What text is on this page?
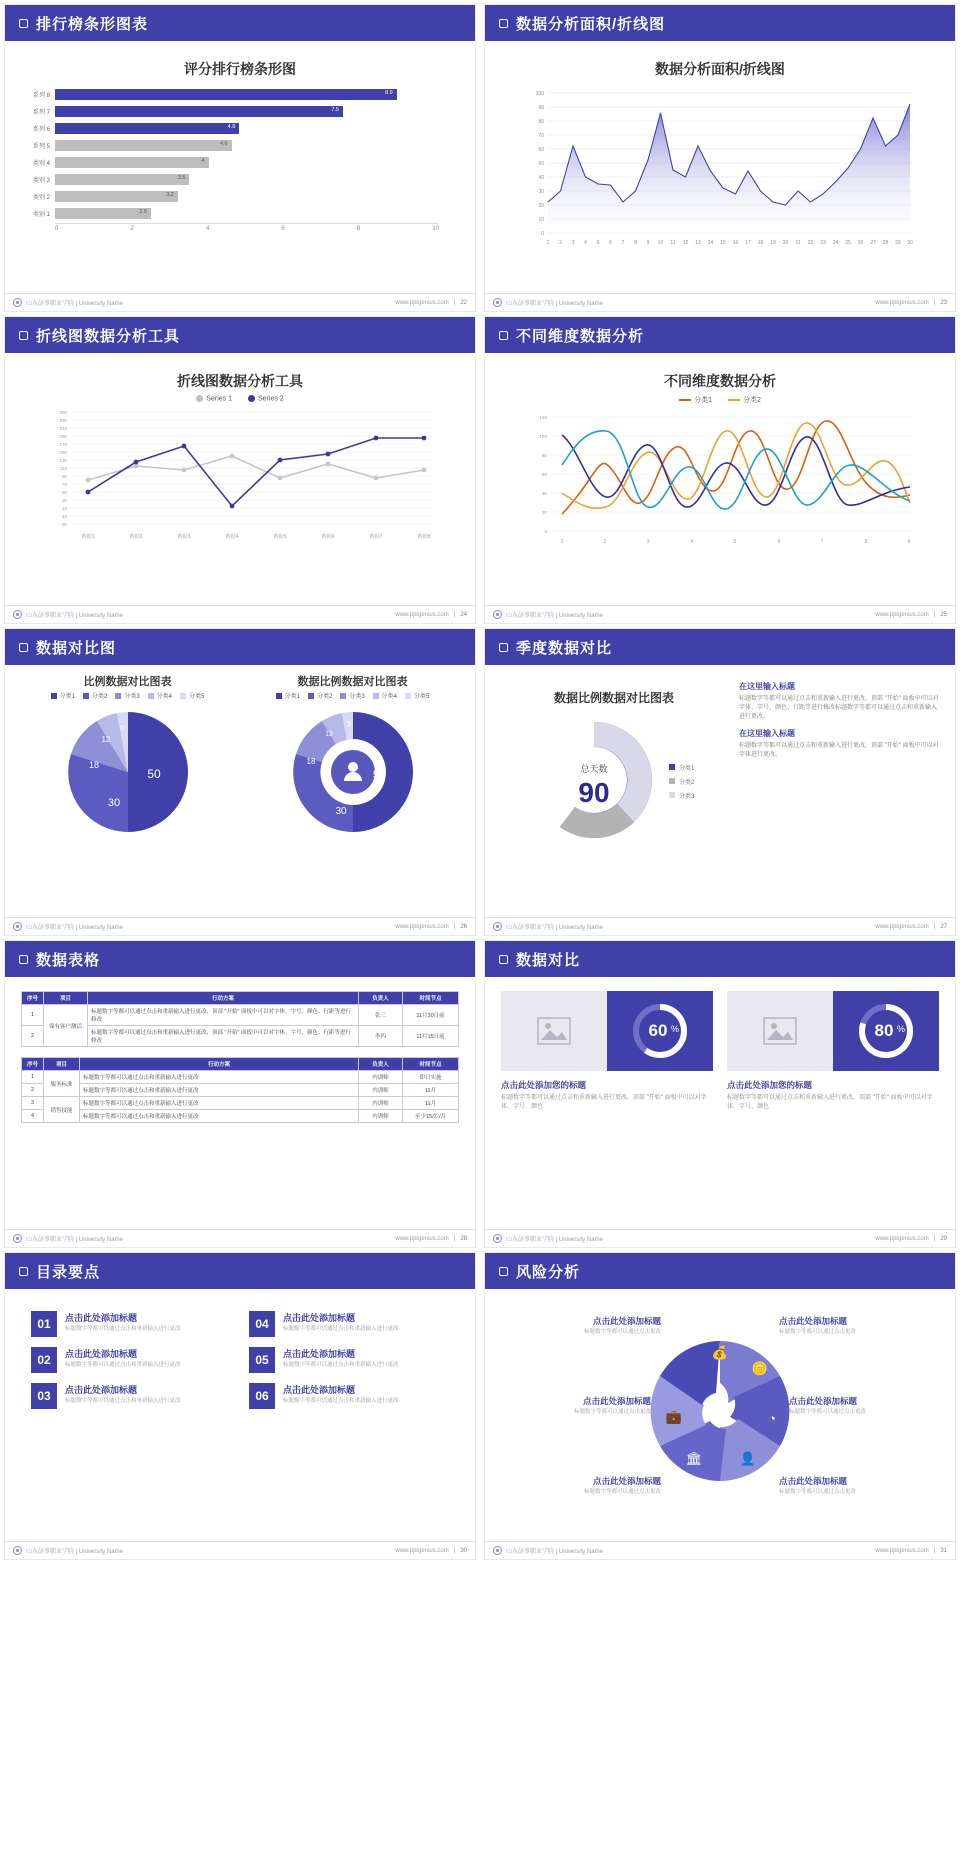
排行榜条形图表
评分排行榜条形图
系列 8	8.9
系列 7	7.5
系列 6	4.8
系列 5	4.6
类别 4	4
类别 3	3.5
类别 2	3.2
类别 1	2.5
0	2	4	6	8	10
山东济事职业学院 | University Name	www.pptgenius.com | 22
数据分析面积/折线图
数据分析面积/折线图
100
90
80
70
60
50
40
30
20
10
0
1 2 3 4 5 6 7 8 9 10 11 12 13 14 15 16 17 18 19 20 21 22 23 24 25 26 27 28 29 30
山东济事职业学院 | University Name	www.pptgenius.com | 23
折线图数据分析工具
折线图数据分析工具
Series 1	Series 2
250
230
210
190
170
150
130
110
90
70
50
30
10
-10
-30
数据1	数据2	数据3	数据4	数据5	数据6	数据7	数据8
山东济事职业学院 | University Name	www.pptgenius.com | 24
不同维度数据分析
不同维度数据分析
分类1	分类2
120
100
80
60
40
20
0
1	2	3	4	5	6	7	8	9
山东济事职业学院 | University Name	www.pptgenius.com | 25
数据对比图
比例数据对比图表
分类1	分类2	分类3	分类4	分类5
50
30
18
12
5
数据比例数据对比图表
分类1	分类2	分类3	分类4	分类5
50
30
18
12
5
山东济事职业学院 | University Name	www.pptgenius.com | 26
季度数据对比
数据比例数据对比图表
总天数
90
分类1
分类2
分类3
在这里输入标题
标题数字等都可以通过点击和重新输入进行更改，顶部 "开始" 面板中可以对字体、字号、颜色、行距等进行修改标题数字等都可以通过点击和重新输入进行更改。
在这里输入标题
标题数字等都可以通过点击和重新输入进行更改，顶部 "开始" 面板中可以对字体进行更改。
山东济事职业学院 | University Name	www.pptgenius.com | 27
数据表格
序号	项目	行动方案	负责人	时间节点
1	保有客户激活	标题数字等都可以通过点击和重新输入进行更改，顶部 "开始" 面板中可以对字体、字号、颜色、行距等进行修改	张三	11月30日前
2		标题数字等都可以通过点击和重新输入进行更改，顶部 "开始" 面板中可以对字体、字号、颜色、行距等进行修改	李四	11月15日前
序号	项目	行动方案	负责人	时间节点
1	服务标准	标题数字等都可以通过点击和重新输入进行更改	内训师	即日实施
2		标题数字等都可以通过点击和重新输入进行更改	内训师	11月
3	销售技能	标题数字等都可以通过点击和重新输入进行更改	内训师	11月
4		标题数字等都可以通过点击和重新输入进行更改	内训师	至少15次 /月
山东济事职业学院 | University Name	www.pptgenius.com | 28
数据对比
60 %
点击此处添加您的标题
标题数字等都可以通过点击和重新输入进行更改，顶部 "开始" 面板中可以对字体、字号、颜色
80 %
点击此处添加您的标题
标题数字等都可以通过点击和重新输入进行更改，顶部 "开始" 面板中可以对字体、字号、颜色
山东济事职业学院 | University Name	www.pptgenius.com | 29
目录要点
01	点击此处添加标题
标题数字等都可以通过点击和重新输入进行更改	04	点击此处添加标题
标题数字等都可以通过点击和重新输入进行更改
02	点击此处添加标题
标题数字等都可以通过点击和重新输入进行更改	05	点击此处添加标题
标题数字等都可以通过点击和重新输入进行更改
03	点击此处添加标题
标题数字等都可以通过点击和重新输入进行更改	06	点击此处添加标题
标题数字等都可以通过点击和重新输入进行更改
山东济事职业学院 | University Name	www.pptgenius.com | 30
风险分析
💰
🪙
◔
👤
🏛
💼
点击此处添加标题
标题数字等都可以通过点击更改
点击此处添加标题
标题数字等都可以通过点击更改
点击此处添加标题
标题数字等都可以通过点击更改
点击此处添加标题
标题数字等都可以通过点击更改
点击此处添加标题
标题数字等都可以通过点击更改
点击此处添加标题
标题数字等都可以通过点击更改
山东济事职业学院 | University Name	www.pptgenius.com | 31
